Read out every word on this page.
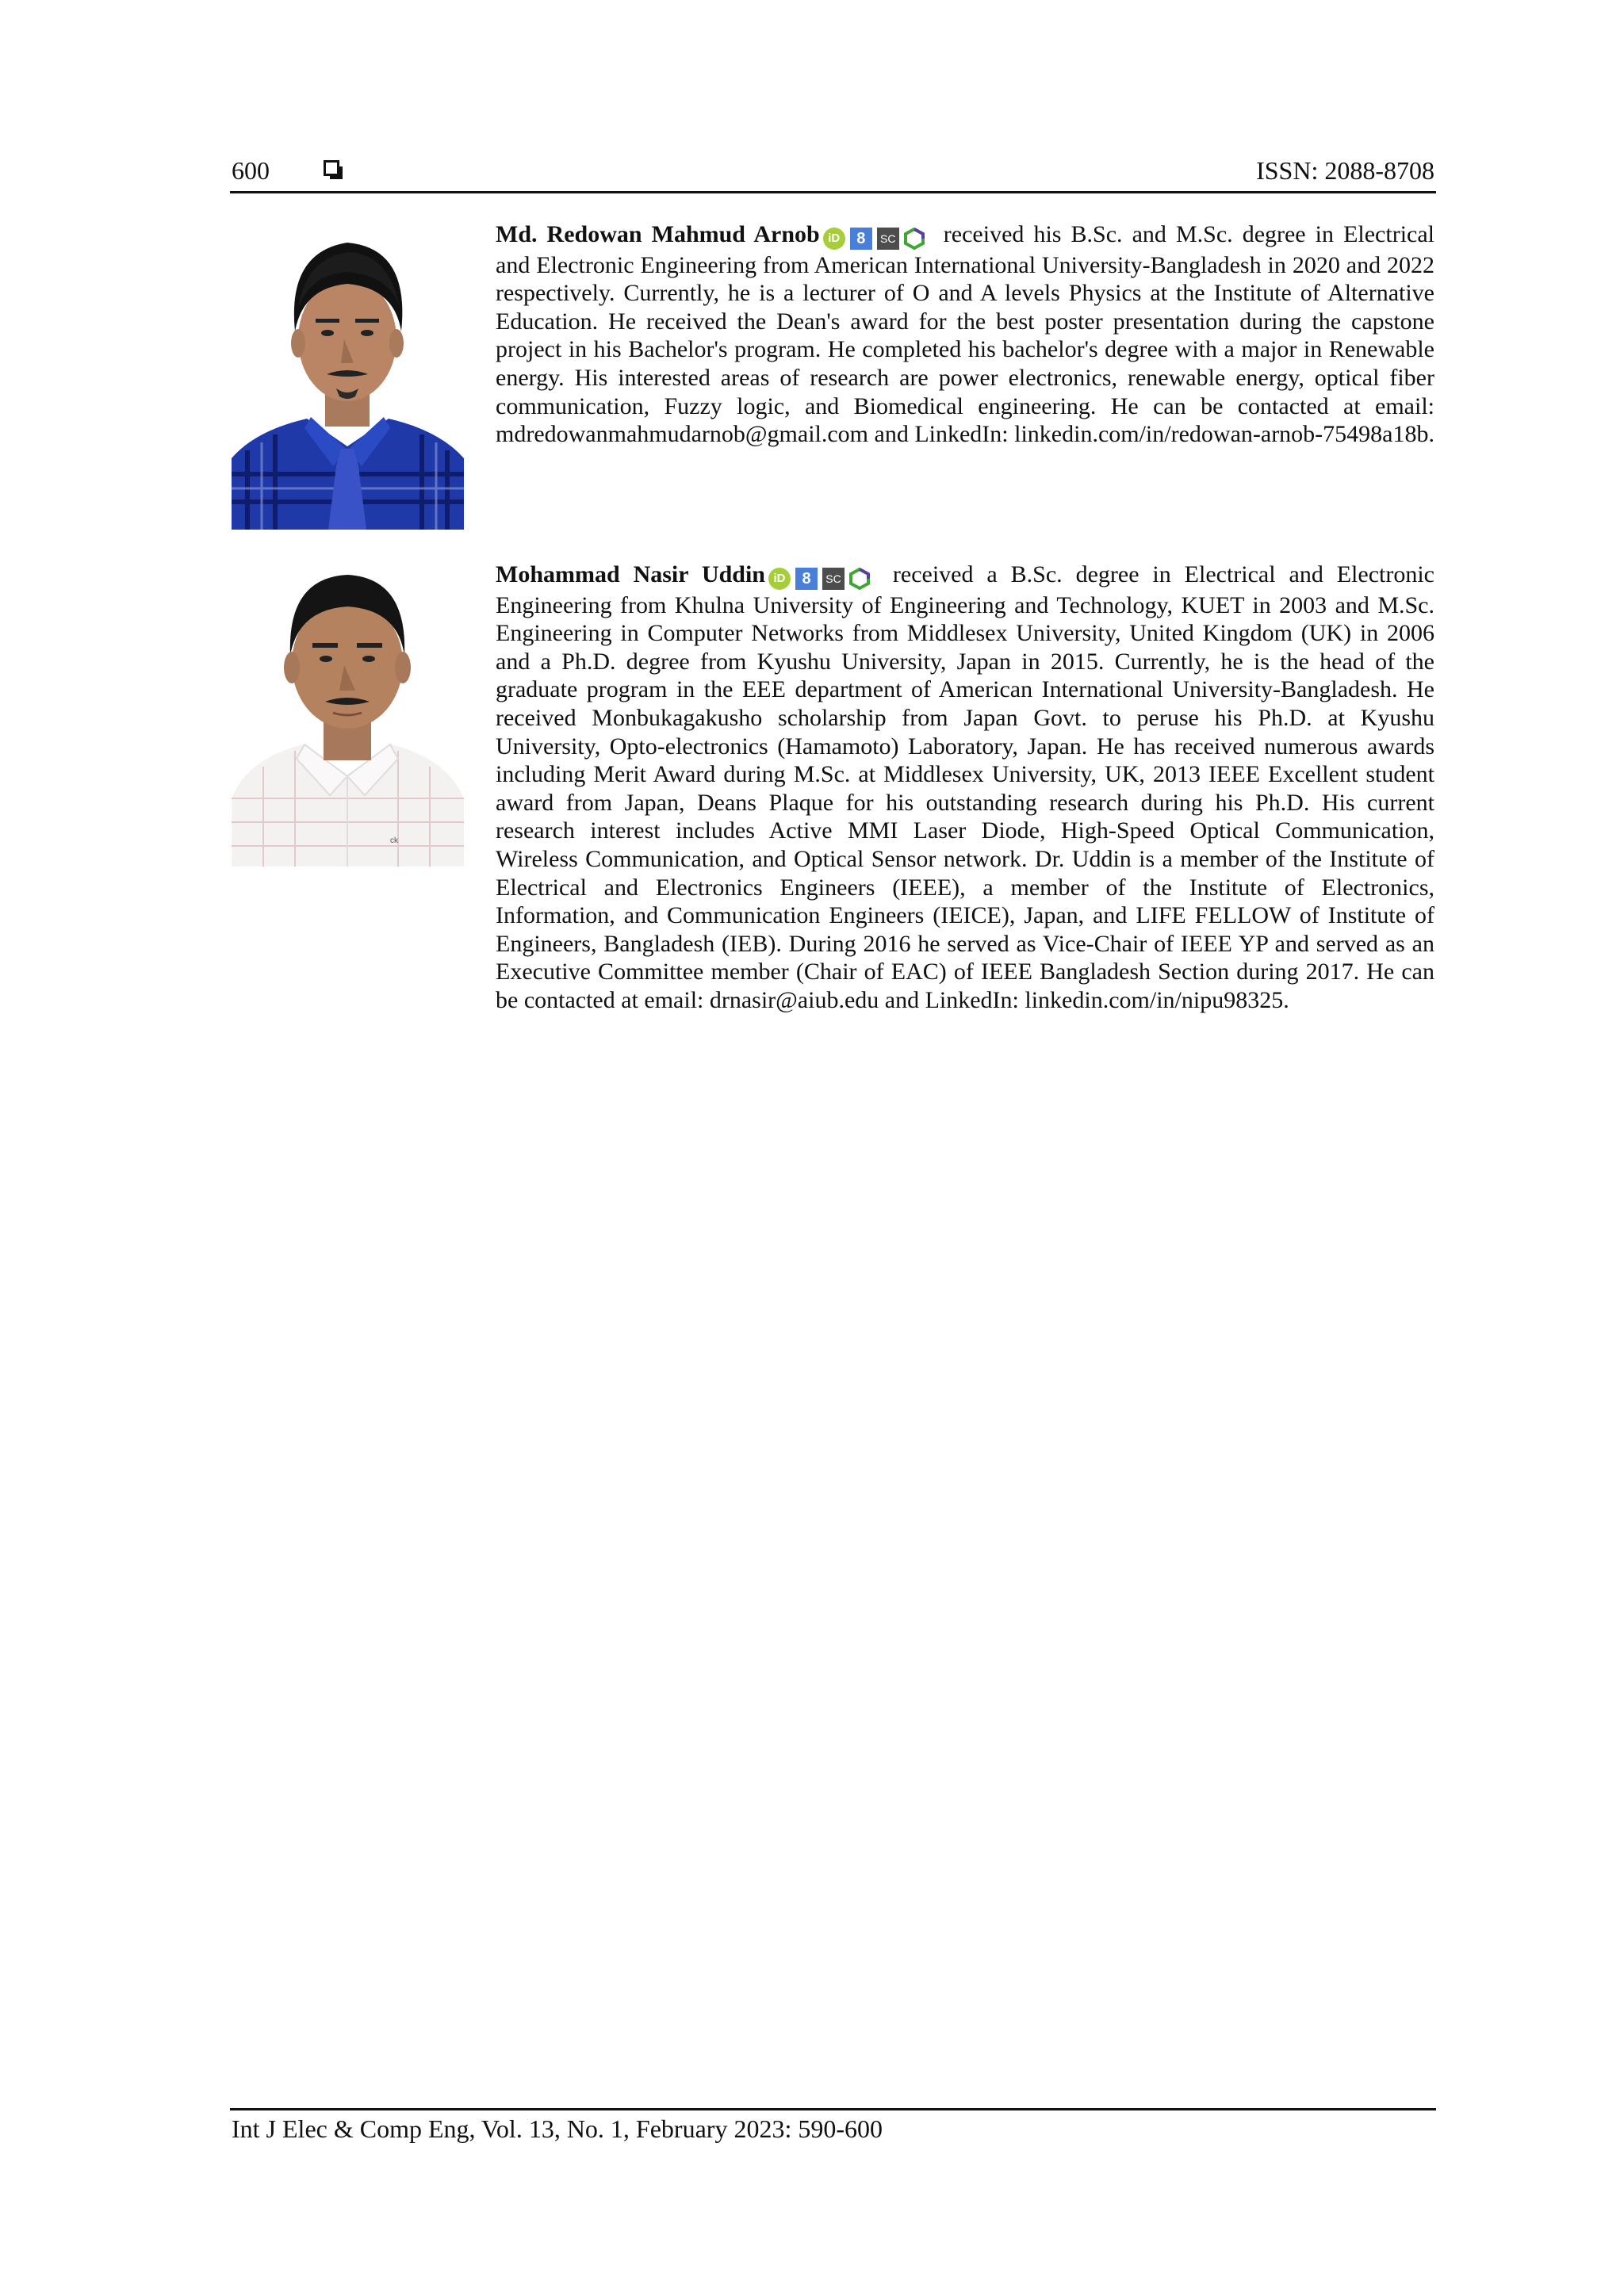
600	ISSN: 2088-8708
Md. Redowan Mahmud Arnob iD 8 SC received his B.Sc. and M.Sc. degree in Electrical and Electronic Engineering from American International University-Bangladesh in 2020 and 2022 respectively. Currently, he is a lecturer of O and A levels Physics at the Institute of Alternative Education. He received the Dean's award for the best poster presentation during the capstone project in his Bachelor's program. He completed his bachelor's degree with a major in Renewable energy. His interested areas of research are power electronics, renewable energy, optical fiber communication, Fuzzy logic, and Biomedical engineering. He can be contacted at email: mdredowanmahmudarnob@gmail.com and LinkedIn: linkedin.com/in/redowan-arnob-75498a18b.
ck
Mohammad Nasir Uddin iD 8 SC received a B.Sc. degree in Electrical and Electronic Engineering from Khulna University of Engineering and Technology, KUET in 2003 and M.Sc. Engineering in Computer Networks from Middlesex University, United Kingdom (UK) in 2006 and a Ph.D. degree from Kyushu University, Japan in 2015. Currently, he is the head of the graduate program in the EEE department of American International University-Bangladesh. He received Monbukagakusho scholarship from Japan Govt. to peruse his Ph.D. at Kyushu University, Opto-electronics (Hamamoto) Laboratory, Japan. He has received numerous awards including Merit Award during M.Sc. at Middlesex University, UK, 2013 IEEE Excellent student award from Japan, Deans Plaque for his outstanding research during his Ph.D. His current research interest includes Active MMI Laser Diode, High-Speed Optical Communication, Wireless Communication, and Optical Sensor network. Dr. Uddin is a member of the Institute of Electrical and Electronics Engineers (IEEE), a member of the Institute of Electronics, Information, and Communication Engineers (IEICE), Japan, and LIFE FELLOW of Institute of Engineers, Bangladesh (IEB). During 2016 he served as Vice-Chair of IEEE YP and served as an Executive Committee member (Chair of EAC) of IEEE Bangladesh Section during 2017. He can be contacted at email: drnasir@aiub.edu and LinkedIn: linkedin.com/in/nipu98325.
Int J Elec & Comp Eng, Vol. 13, No. 1, February 2023: 590-600
